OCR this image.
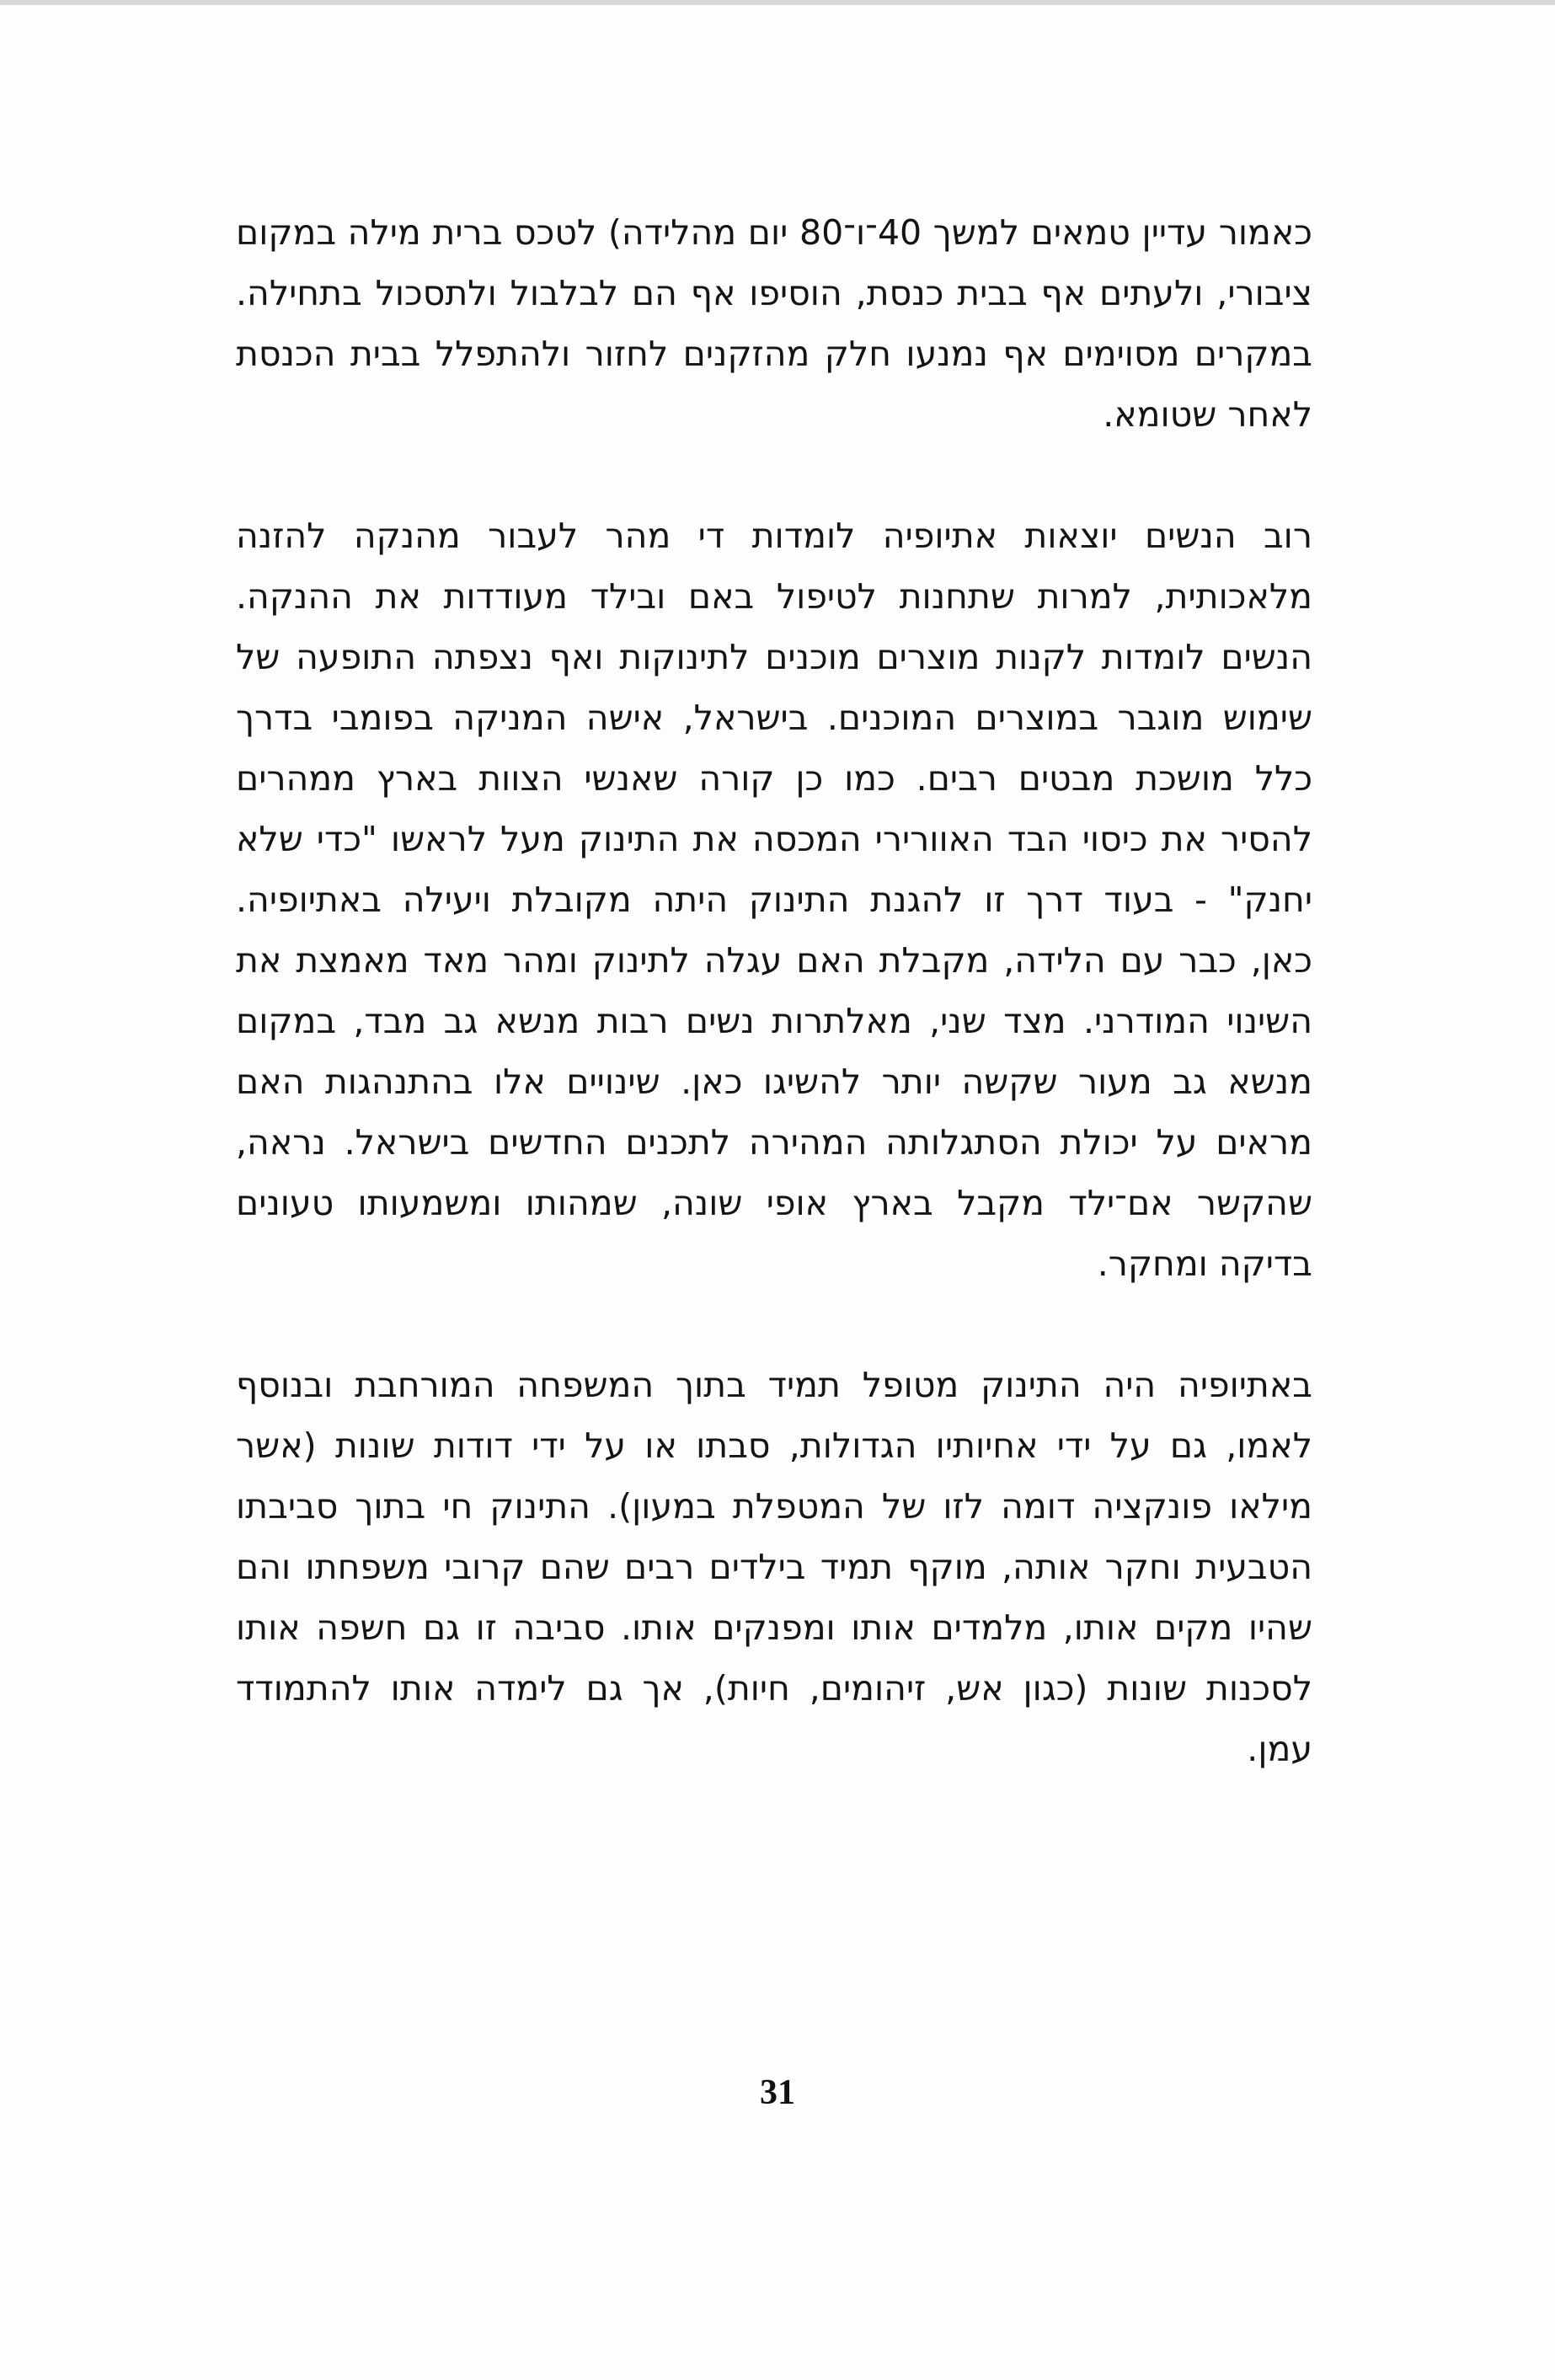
כאמור עדיין טמאים למשך 40־ו־80 יום מהלידה) לטכס ברית מילה במקום
ציבורי, ולעתים אף בבית כנסת, הוסיפו אף הם לבלבול ולתסכול בתחילה.
במקרים מסוימים אף נמנעו חלק מהזקנים לחזור ולהתפלל בבית הכנסת
לאחר שטומא.
רוב הנשים יוצאות אתיופיה לומדות די מהר לעבור מהנקה להזנה
מלאכותית, למרות שתחנות לטיפול באם ובילד מעודדות את ההנקה.
הנשים לומדות לקנות מוצרים מוכנים לתינוקות ואף נצפתה התופעה של
שימוש מוגבר במוצרים המוכנים. בישראל, אישה המניקה בפומבי בדרך
כלל מושכת מבטים רבים. כמו כן קורה שאנשי הצוות בארץ ממהרים
להסיר את כיסוי הבד האוורירי המכסה את התינוק מעל לראשו "כדי שלא
יחנק" - בעוד דרך זו להגנת התינוק היתה מקובלת ויעילה באתיופיה.
כאן, כבר עם הלידה, מקבלת האם עגלה לתינוק ומהר מאד מאמצת את
השינוי המודרני. מצד שני, מאלתרות נשים רבות מנשא גב מבד, במקום
מנשא גב מעור שקשה יותר להשיגו כאן. שינויים אלו בהתנהגות האם
מראים על יכולת הסתגלותה המהירה לתכנים החדשים בישראל. נראה,
שהקשר אם־ילד מקבל בארץ אופי שונה, שמהותו ומשמעותו טעונים
בדיקה ומחקר.
באתיופיה היה התינוק מטופל תמיד בתוך המשפחה המורחבת ובנוסף
לאמו, גם על ידי אחיותיו הגדולות, סבתו או על ידי דודות שונות (אשר
מילאו פונקציה דומה לזו של המטפלת במעון). התינוק חי בתוך סביבתו
הטבעית וחקר אותה, מוקף תמיד בילדים רבים שהם קרובי משפחתו והם
שהיו מקים אותו, מלמדים אותו ומפנקים אותו. סביבה זו גם חשפה אותו
לסכנות שונות (כגון אש, זיהומים, חיות), אך גם לימדה אותו להתמודד
עמן.
31
